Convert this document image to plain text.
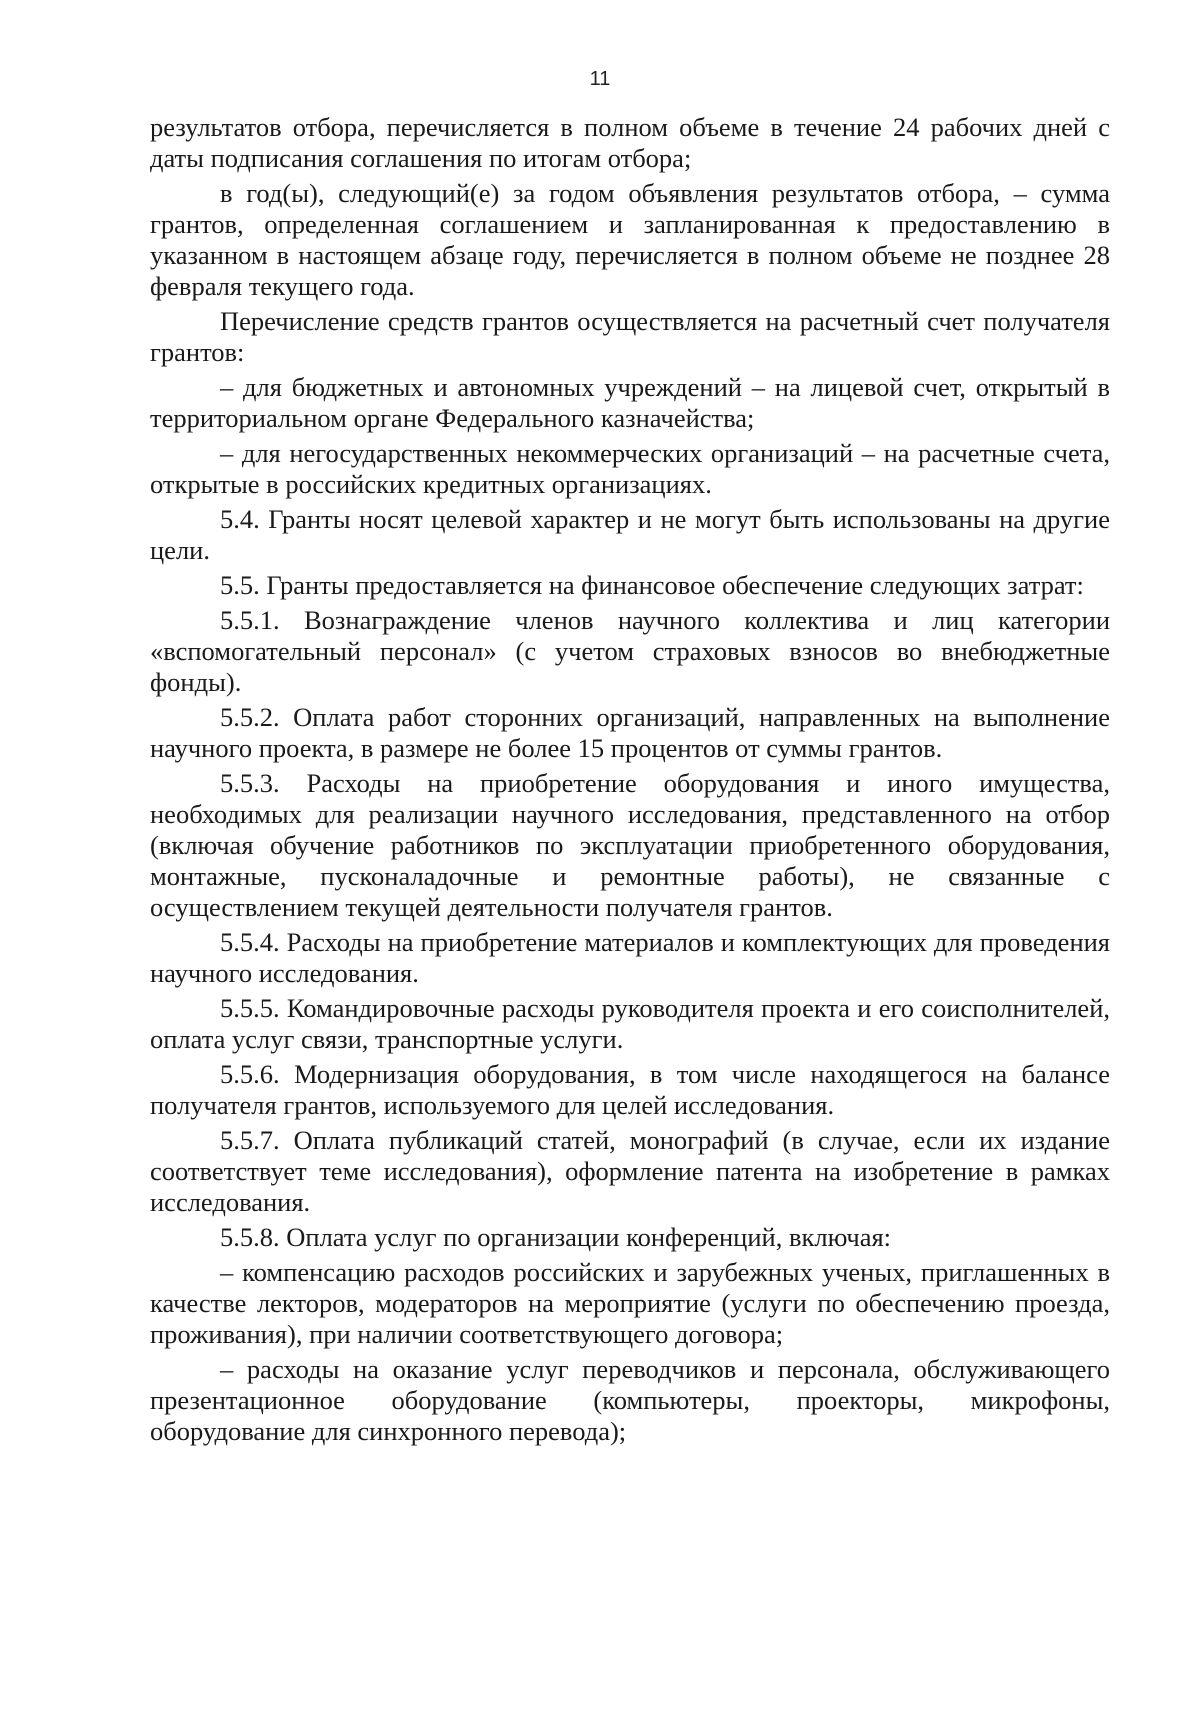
11

результатов отбора, перечисляется в полном объеме в течение 24 рабочих дней с даты подписания соглашения по итогам отбора;

в год(ы), следующий(е) за годом объявления результатов отбора, – сумма грантов, определенная соглашением и запланированная к предоставлению в указанном в настоящем абзаце году, перечисляется в полном объеме не позднее 28 февраля текущего года.

Перечисление средств грантов осуществляется на расчетный счет получателя грантов:

– для бюджетных и автономных учреждений – на лицевой счет, открытый в территориальном органе Федерального казначейства;

– для негосударственных некоммерческих организаций – на расчетные счета, открытые в российских кредитных организациях.

5.4. Гранты носят целевой характер и не могут быть использованы на другие цели.

5.5. Гранты предоставляется на финансовое обеспечение следующих затрат:

5.5.1. Вознаграждение членов научного коллектива и лиц категории «вспомогательный персонал» (с учетом страховых взносов во внебюджетные фонды).

5.5.2. Оплата работ сторонних организаций, направленных на выполнение научного проекта, в размере не более 15 процентов от суммы грантов.

5.5.3. Расходы на приобретение оборудования и иного имущества, необходимых для реализации научного исследования, представленного на отбор (включая обучение работников по эксплуатации приобретенного оборудования, монтажные, пусконаладочные и ремонтные работы), не связанные с осуществлением текущей деятельности получателя грантов.

5.5.4. Расходы на приобретение материалов и комплектующих для проведения научного исследования.

5.5.5. Командировочные расходы руководителя проекта и его соисполнителей, оплата услуг связи, транспортные услуги.

5.5.6. Модернизация оборудования, в том числе находящегося на балансе получателя грантов, используемого для целей исследования.

5.5.7. Оплата публикаций статей, монографий (в случае, если их издание соответствует теме исследования), оформление патента на изобретение в рамках исследования.

5.5.8. Оплата услуг по организации конференций, включая:

– компенсацию расходов российских и зарубежных ученых, приглашенных в качестве лекторов, модераторов на мероприятие (услуги по обеспечению проезда, проживания), при наличии соответствующего договора;

– расходы на оказание услуг переводчиков и персонала, обслуживающего презентационное оборудование (компьютеры, проекторы, микрофоны, оборудование для синхронного перевода);
